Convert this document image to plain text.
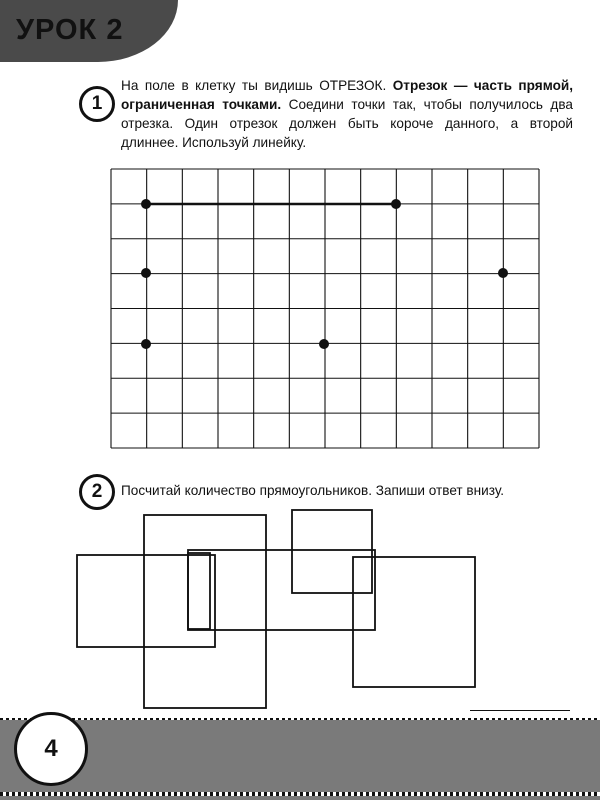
УРОК 2
1
На поле в клетку ты видишь ОТРЕЗОК. Отрезок — часть прямой,
ограниченная точками. Соедини точки так, чтобы получилось два
отрезка. Один отрезок должен быть короче данного, а второй
длиннее. Используй линейку.
2	Посчитай количество прямоугольников. Запиши ответ внизу.
4
